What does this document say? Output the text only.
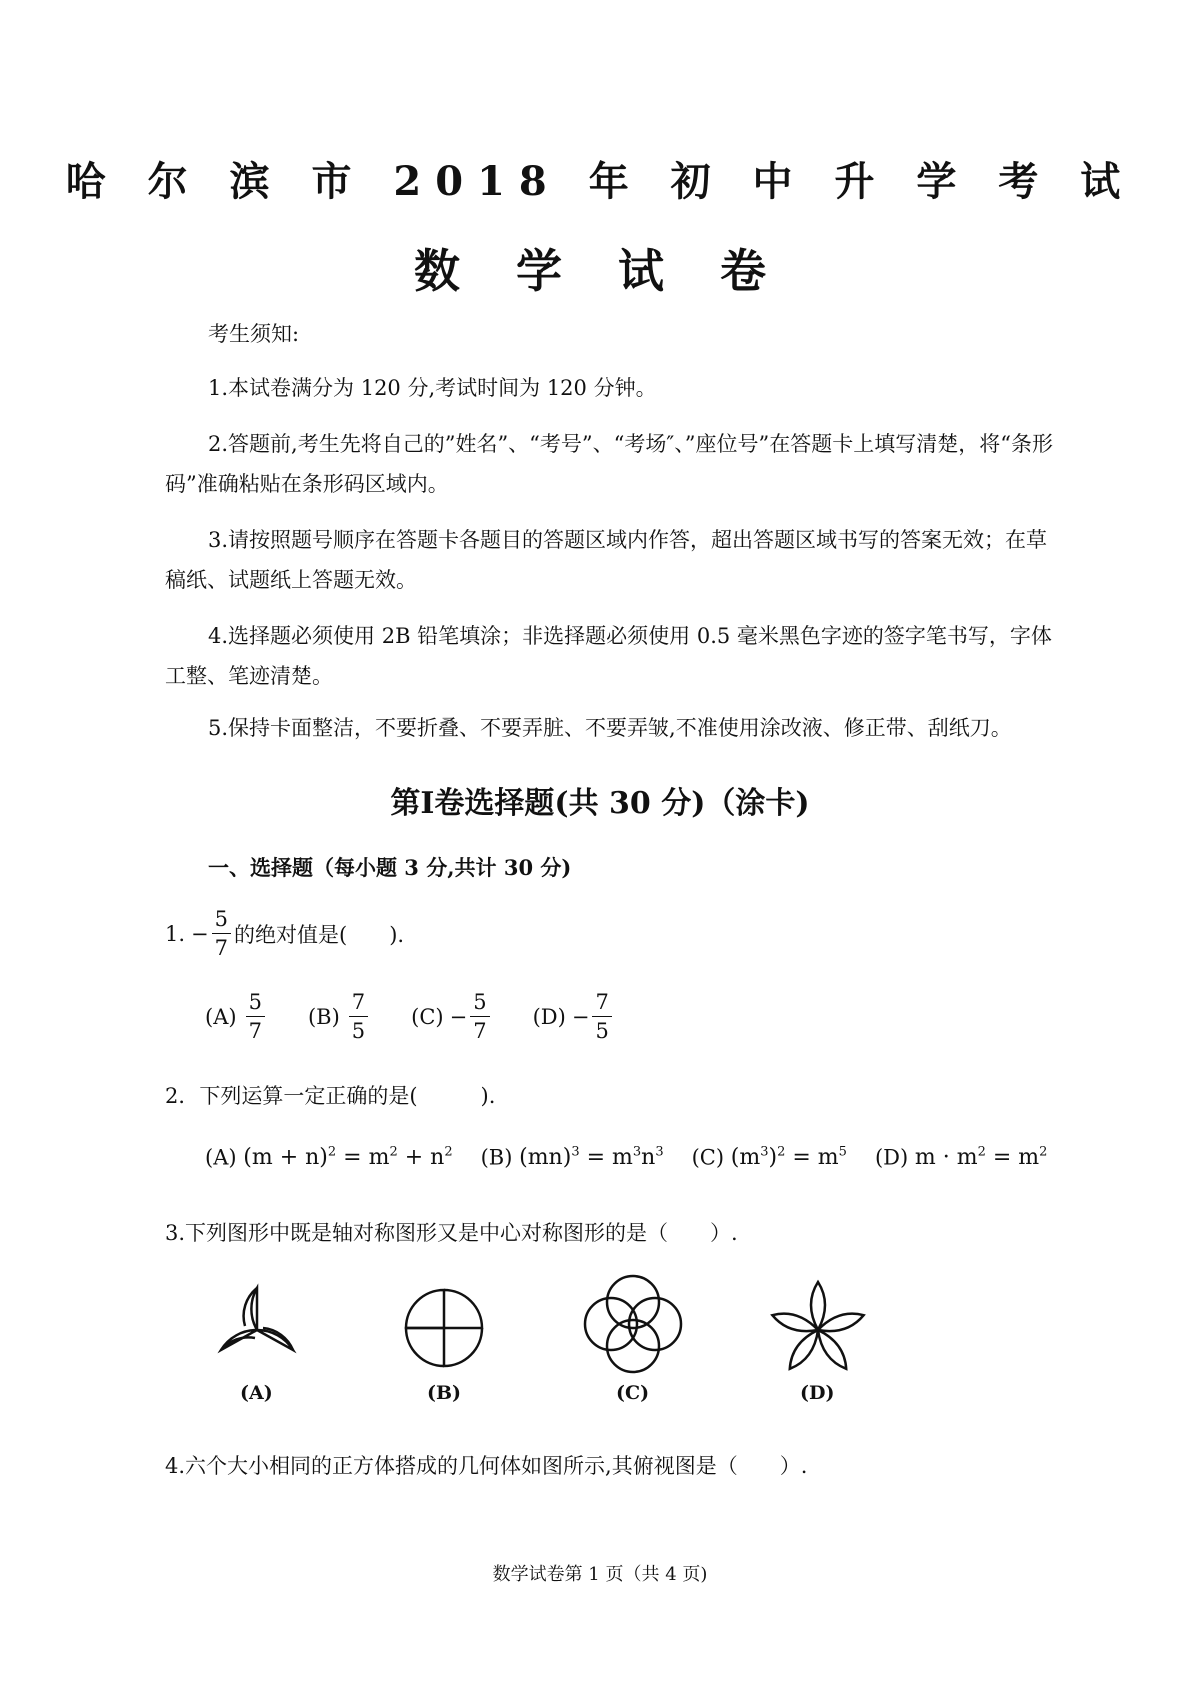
哈 尔 滨 市 2018 年 初 中 升 学 考 试
数 学 试 卷
考生须知:
1.本试卷满分为 120 分,考试时间为 120 分钟。
2.答题前,考生先将自己的”姓名”、“考号”、“考场″、”座位号”在答题卡上填写清楚，将“条形码”准确粘贴在条形码区域内。
3.请按照题号顺序在答题卡各题目的答题区域内作答，超出答题区域书写的答案无效；在草稿纸、试题纸上答题无效。
4.选择题必须使用 2B 铅笔填涂；非选择题必须使用 0.5 毫米黑色字迹的签字笔书写，字体工整、笔迹清楚。
5.保持卡面整洁，不要折叠、不要弄脏、不要弄皱,不准使用涂改液、修正带、刮纸刀。
第Ⅰ卷选择题(共 30 分)（涂卡)
一、选择题（每小题 3 分,共计 30 分)
1. − $\frac{5}{7}$ 的绝对值是(　　).
$(A) \frac{5}{7} (B) \frac{7}{5} (C) - \frac{5}{7} (D) - \frac{7}{5}$
2．下列运算一定正确的是(　　　).
(A) $(m + n)^2 = m^2 + n^2$ (B) $(mn)^3 = m^3n^3$ (C) $(m^3)^2 = m^5$ (D) $m \cdot m^2 = m^2$
3.下列图形中既是轴对称图形又是中心对称图形的是（　　）.
(A)	(B)	(C)	(D)
4.六个大小相同的正方体搭成的几何体如图所示,其俯视图是（　　）.
数学试卷第 1 页（共 4 页)
